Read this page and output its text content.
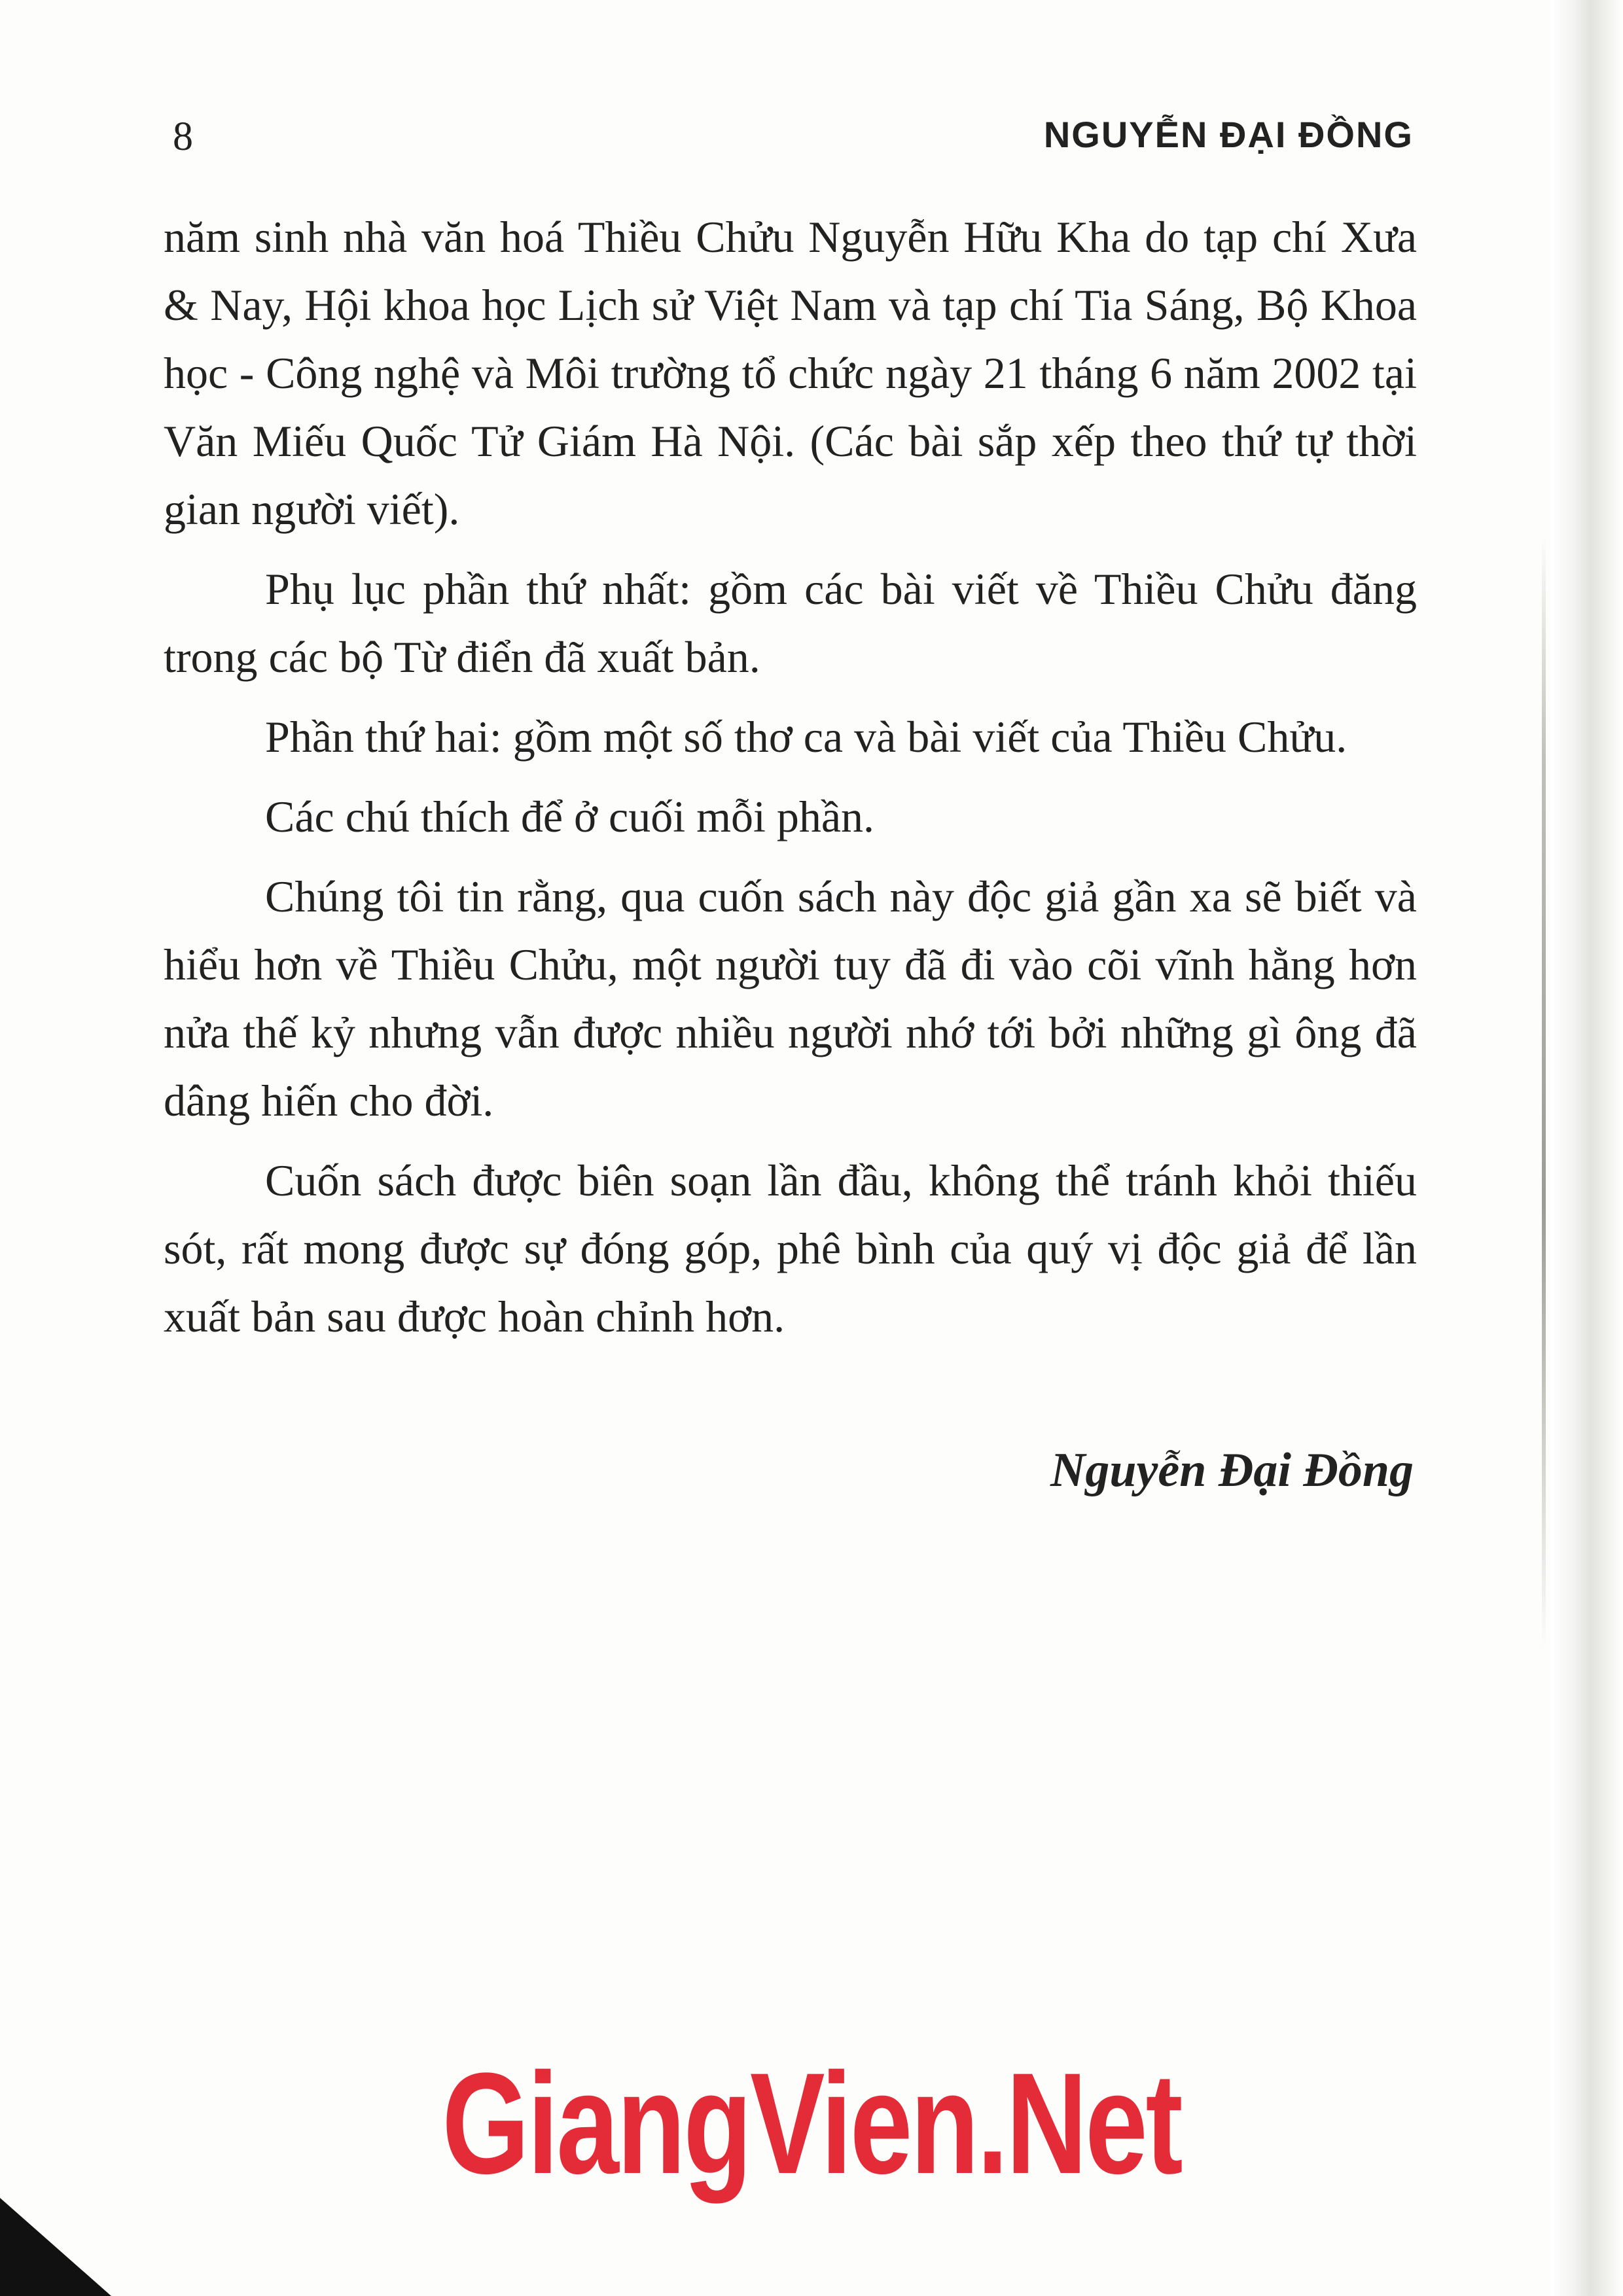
8	NGUYỄN ĐẠI ĐỒNG

năm sinh nhà văn hoá Thiều Chửu Nguyễn Hữu Kha do tạp chí Xưa & Nay, Hội khoa học Lịch sử Việt Nam và tạp chí Tia Sáng, Bộ Khoa học - Công nghệ và Môi trường tổ chức ngày 21 tháng 6 năm 2002 tại Văn Miếu Quốc Tử Giám Hà Nội. (Các bài sắp xếp theo thứ tự thời gian người viết).

Phụ lục phần thứ nhất: gồm các bài viết về Thiều Chửu đăng trong các bộ Từ điển đã xuất bản.

Phần thứ hai: gồm một số thơ ca và bài viết của Thiều Chửu.

Các chú thích để ở cuối mỗi phần.

Chúng tôi tin rằng, qua cuốn sách này độc giả gần xa sẽ biết và hiểu hơn về Thiều Chửu, một người tuy đã đi vào cõi vĩnh hằng hơn nửa thế kỷ nhưng vẫn được nhiều người nhớ tới bởi những gì ông đã dâng hiến cho đời.

Cuốn sách được biên soạn lần đầu, không thể tránh khỏi thiếu sót, rất mong được sự đóng góp, phê bình của quý vị độc giả để lần xuất bản sau được hoàn chỉnh hơn.

Nguyễn Đại Đồng
GiangVien.Net
